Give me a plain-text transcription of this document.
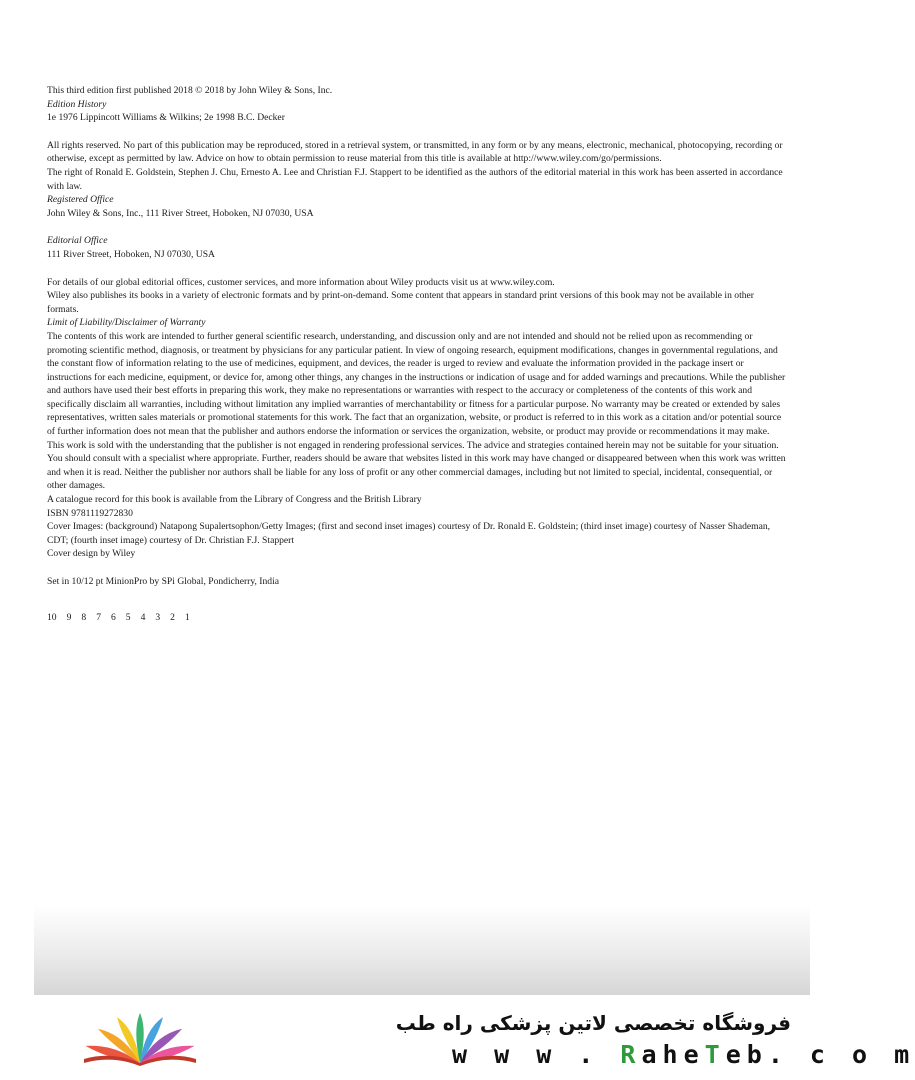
This third edition first published 2018 © 2018 by John Wiley & Sons, Inc.

Edition History

1e 1976 Lippincott Williams & Wilkins; 2e 1998 B.C. Decker

All rights reserved. No part of this publication may be reproduced, stored in a retrieval system, or transmitted, in any form or by any means, electronic, mechanical, photocopying, recording or otherwise, except as permitted by law. Advice on how to obtain permission to reuse material from this title is available at http://www.wiley.com/go/permissions.

The right of Ronald E. Goldstein, Stephen J. Chu, Ernesto A. Lee and Christian F.J. Stappert to be identified as the authors of the editorial material in this work has been asserted in accordance with law.

Registered Office

John Wiley & Sons, Inc., 111 River Street, Hoboken, NJ 07030, USA

Editorial Office

111 River Street, Hoboken, NJ 07030, USA

For details of our global editorial offices, customer services, and more information about Wiley products visit us at www.wiley.com.

Wiley also publishes its books in a variety of electronic formats and by print-on-demand. Some content that appears in standard print versions of this book may not be available in other formats.

Limit of Liability/Disclaimer of Warranty

The contents of this work are intended to further general scientific research, understanding, and discussion only and are not intended and should not be relied upon as recommending or promoting scientific method, diagnosis, or treatment by physicians for any particular patient. In view of ongoing research, equipment modifications, changes in governmental regulations, and the constant flow of information relating to the use of medicines, equipment, and devices, the reader is urged to review and evaluate the information provided in the package insert or instructions for each medicine, equipment, or device for, among other things, any changes in the instructions or indication of usage and for added warnings and precautions. While the publisher and authors have used their best efforts in preparing this work, they make no representations or warranties with respect to the accuracy or completeness of the contents of this work and specifically disclaim all warranties, including without limitation any implied warranties of merchantability or fitness for a particular purpose. No warranty may be created or extended by sales representatives, written sales materials or promotional statements for this work. The fact that an organization, website, or product is referred to in this work as a citation and/or potential source of further information does not mean that the publisher and authors endorse the information or services the organization, website, or product may provide or recommendations it may make. This work is sold with the understanding that the publisher is not engaged in rendering professional services. The advice and strategies contained herein may not be suitable for your situation. You should consult with a specialist where appropriate. Further, readers should be aware that websites listed in this work may have changed or disappeared between when this work was written and when it is read. Neither the publisher nor authors shall be liable for any loss of profit or any other commercial damages, including but not limited to special, incidental, consequential, or other damages.

A catalogue record for this book is available from the Library of Congress and the British Library

ISBN 9781119272830

Cover Images: (background) Natapong Supalertsophon/Getty Images; (first and second inset images) courtesy of Dr. Ronald E. Goldstein; (third inset image) courtesy of Nasser Shademan, CDT; (fourth inset image) courtesy of Dr. Christian F.J. Stappert

Cover design by Wiley

Set in 10/12 pt MinionPro by SPi Global, Pondicherry, India

10 9 8 7 6 5 4 3 2 1

فروشگاه تخصصی لاتین پزشکی راه طب
w w w . RaheTeb. c o m
